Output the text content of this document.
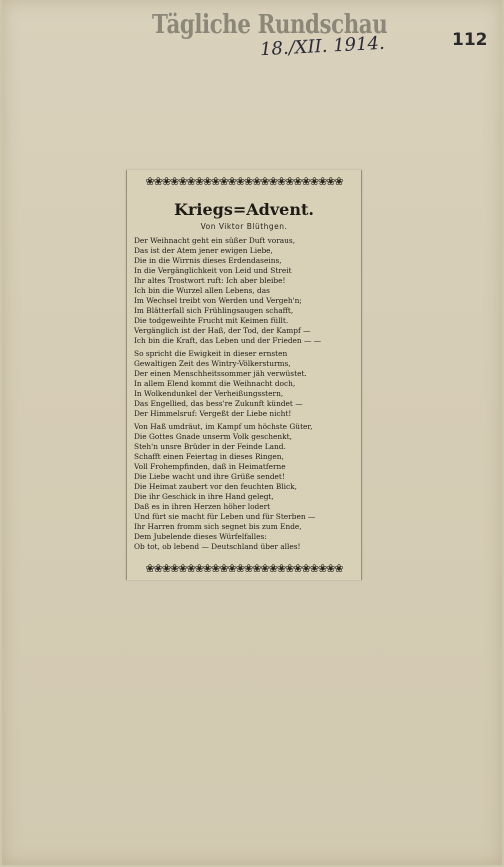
Tägliche Rundschau
18./XII. 1914.	112
❀❀❀❀❀❀❀❀❀❀❀❀❀❀❀❀❀❀❀❀❀❀❀❀
Kriegs=Advent.
Von Viktor Blüthgen.
Der Weihnacht geht ein süßer Duft voraus,
Das ist der Atem jener ewigen Liebe,
Die in die Wirrnis dieses Erdendaseins,
In die Vergänglichkeit von Leid und Streit
Ihr altes Trostwort ruft: Ich aber bleibe!
Ich bin die Wurzel allen Lebens, das
Im Wechsel treibt von Werden und Vergeh'n;
Im Blätterfall sich Frühlingsaugen schafft,
Die todgeweihte Frucht mit Keimen füllt.
Vergänglich ist der Haß, der Tod, der Kampf —
Ich bin die Kraft, das Leben und der Frieden — —
So spricht die Ewigkeit in dieser ernsten
Gewaltigen Zeit des Wintry-Völkersturms,
Der einen Menschheitssommer jäh verwüstet.
In allem Elend kommt die Weihnacht doch,
In Wolkendunkel der Verheißungsstern,
Das Engellied, das bess're Zukunft kündet —
Der Himmelsruf: Vergeßt der Liebe nicht!
Von Haß umdräut, im Kampf um höchste Güter,
Die Gottes Gnade unserm Volk geschenkt,
Steh'n unsre Brüder in der Feinde Land.
Schafft einen Feiertag in dieses Ringen,
Voll Frohempfinden, daß in Heimatferne
Die Liebe wacht und ihre Grüße sendet!
Die Heimat zaubert vor den feuchten Blick,
Die ihr Geschick in ihre Hand gelegt,
Daß es in ihren Herzen höher lodert
Und fürt sie macht für Leben und für Sterben —
Ihr Harren fromm sich segnet bis zum Ende,
Dem Jubelende dieses Würfelfalles:
Ob tot, ob lebend — Deutschland über alles!
❀❀❀❀❀❀❀❀❀❀❀❀❀❀❀❀❀❀❀❀❀❀❀❀
